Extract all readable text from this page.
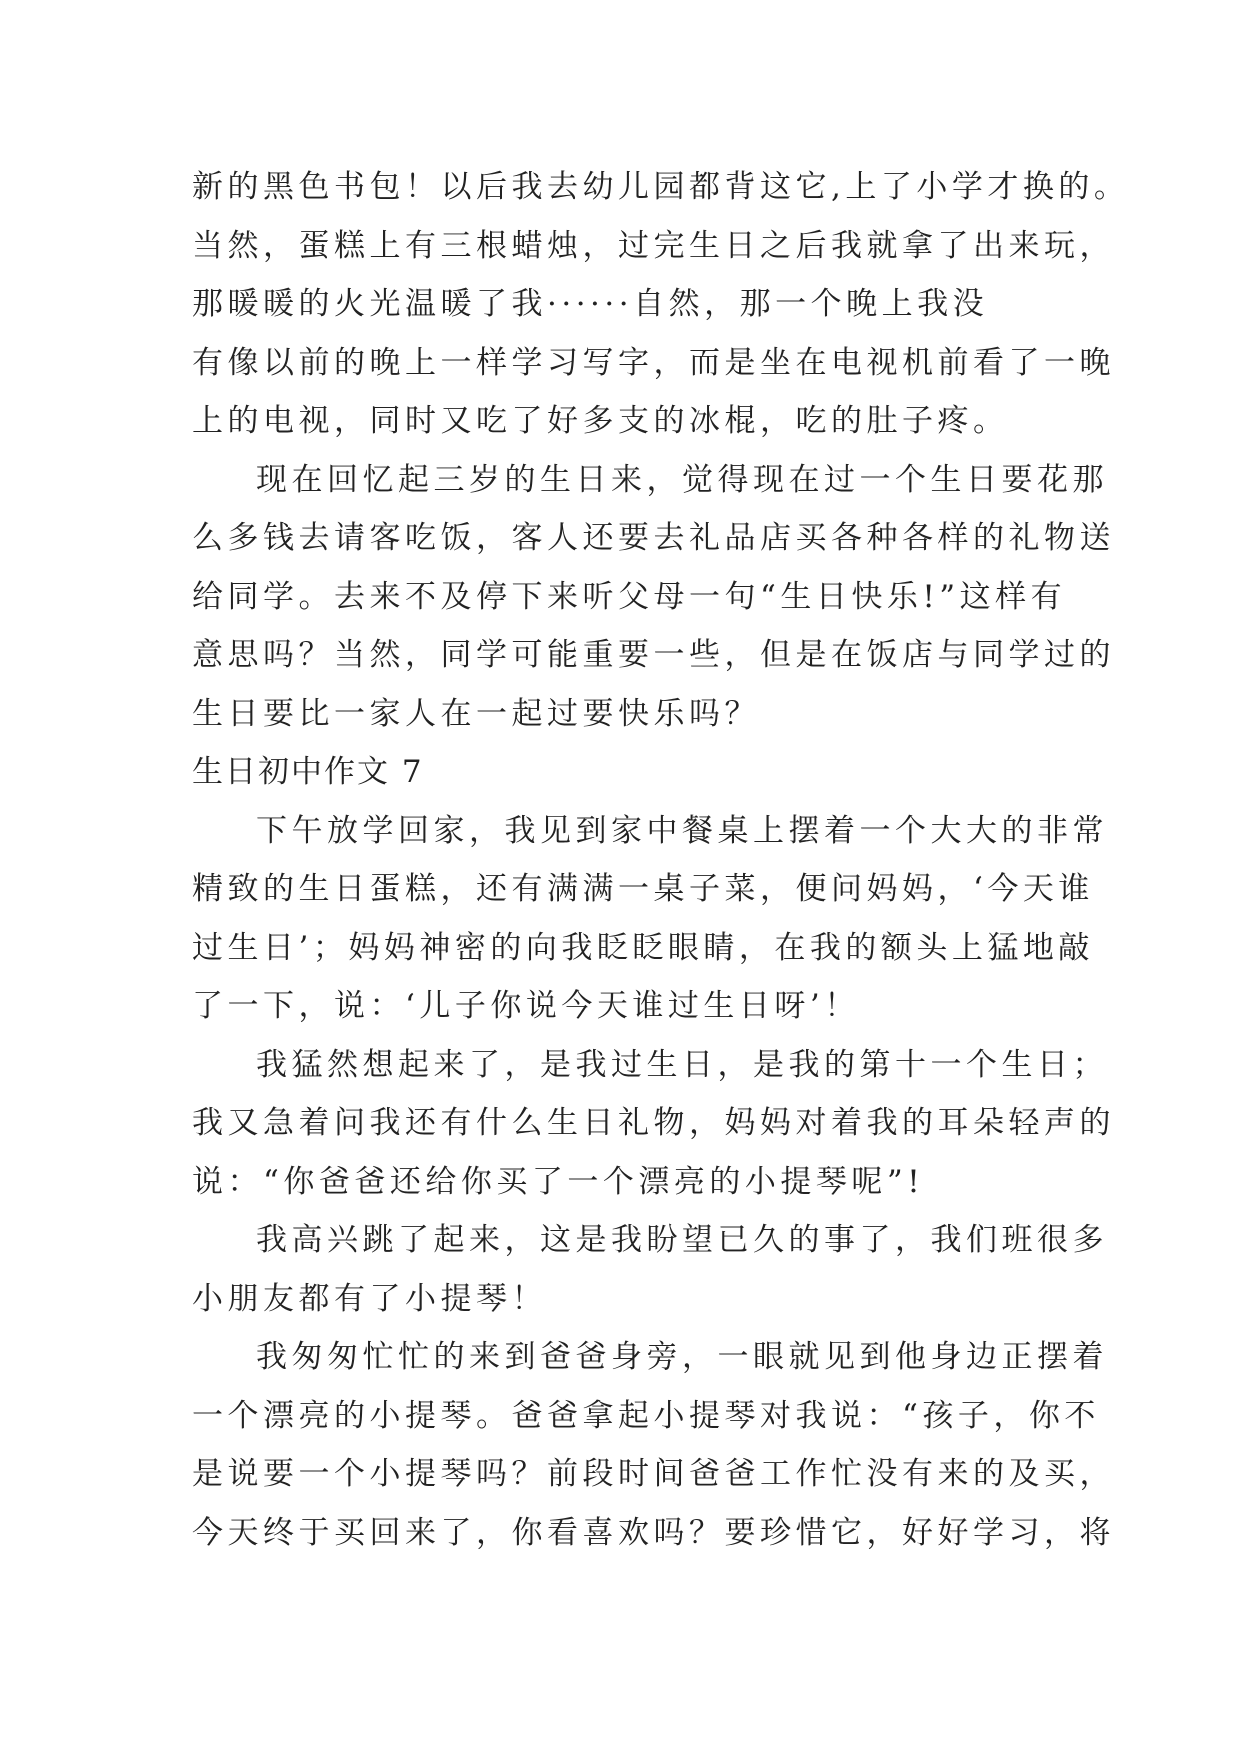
新的黑色书包！以后我去幼儿园都背这它,上了小学才换的。
当然，蛋糕上有三根蜡烛，过完生日之后我就拿了出来玩，
那暖暖的火光温暖了我······自然，那一个晚上我没
有像以前的晚上一样学习写字，而是坐在电视机前看了一晚
上的电视，同时又吃了好多支的冰棍，吃的肚子疼。
现在回忆起三岁的生日来，觉得现在过一个生日要花那
么多钱去请客吃饭，客人还要去礼品店买各种各样的礼物送
给同学。去来不及停下来听父母一句“生日快乐!”这样有
意思吗？当然，同学可能重要一些，但是在饭店与同学过的
生日要比一家人在一起过要快乐吗？
生日初中作文 7
下午放学回家，我见到家中餐桌上摆着一个大大的非常
精致的生日蛋糕，还有满满一桌子菜，便问妈妈，‘今天谁
过生日’；妈妈神密的向我眨眨眼睛，在我的额头上猛地敲
了一下，说：‘儿子你说今天谁过生日呀’！
我猛然想起来了，是我过生日，是我的第十一个生日；
我又急着问我还有什么生日礼物，妈妈对着我的耳朵轻声的
说：“你爸爸还给你买了一个漂亮的小提琴呢”!
我高兴跳了起来，这是我盼望已久的事了，我们班很多
小朋友都有了小提琴！
我匆匆忙忙的来到爸爸身旁，一眼就见到他身边正摆着
一个漂亮的小提琴。爸爸拿起小提琴对我说：“孩子，你不
是说要一个小提琴吗？前段时间爸爸工作忙没有来的及买，
今天终于买回来了，你看喜欢吗？要珍惜它，好好学习，将
